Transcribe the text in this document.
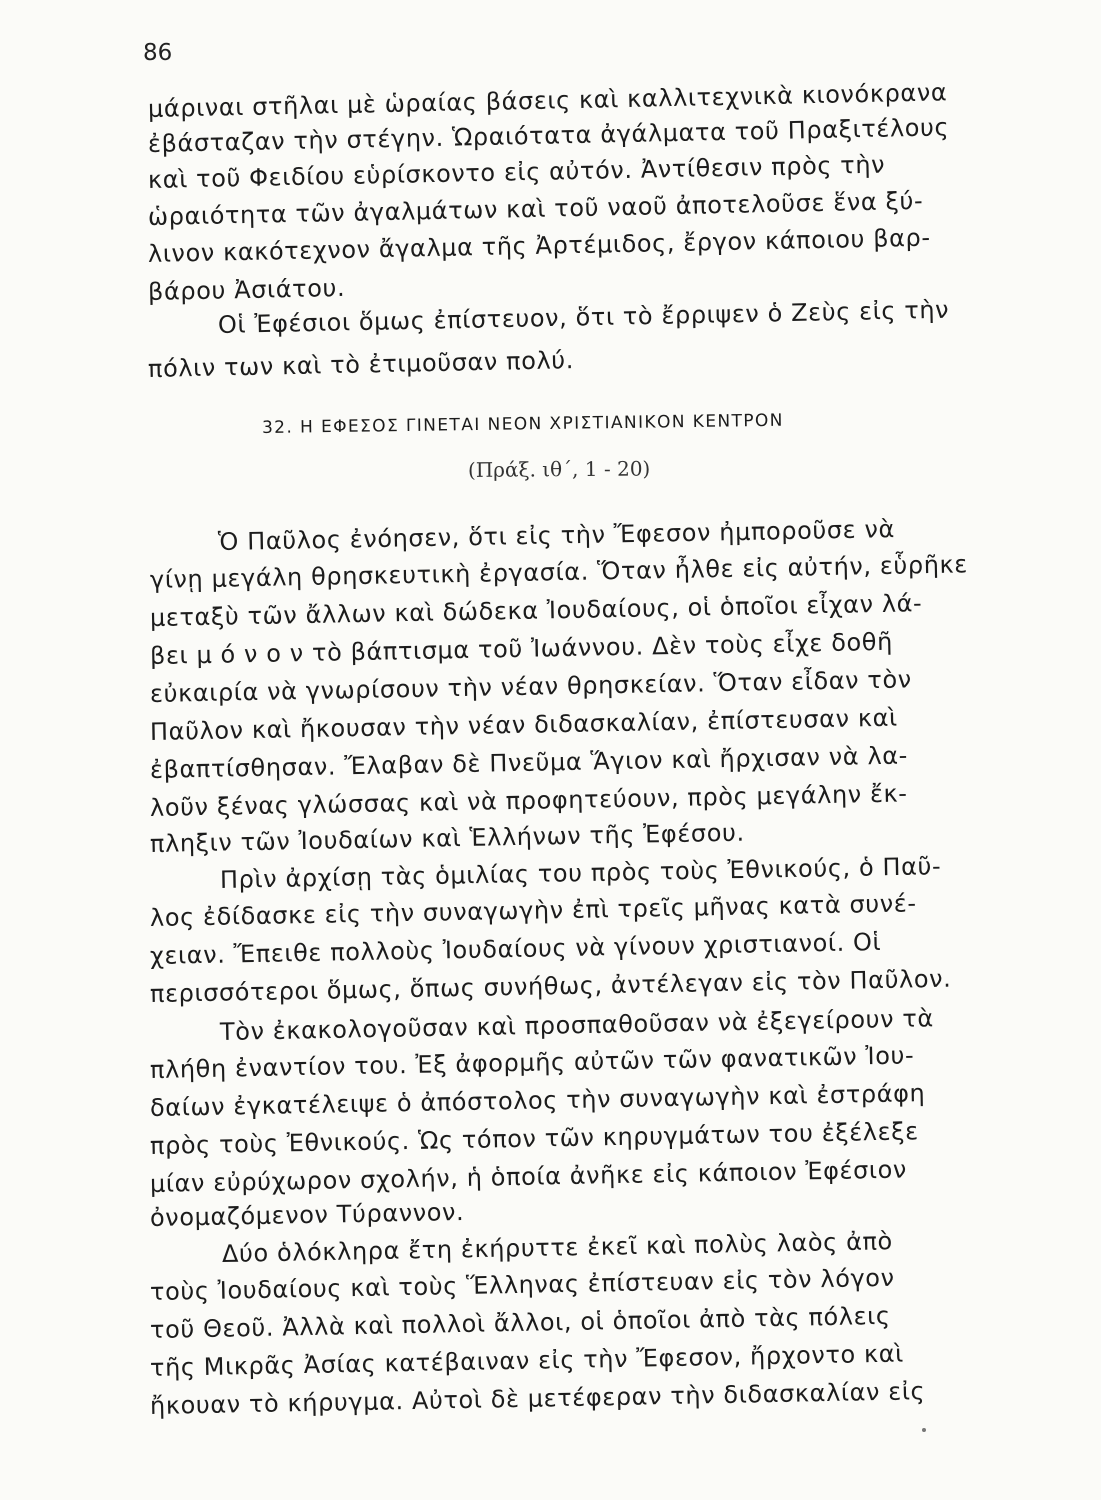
86
μάριναι στῆλαι μὲ ὡραίας βάσεις καὶ καλλιτεχνικὰ κιονόκρανα
ἐβάσταζαν τὴν στέγην. Ὡραιότατα ἀγάλματα τοῦ Πραξιτέλους
καὶ τοῦ Φειδίου εὑρίσκοντο εἰς αὐτόν. Ἀντίθεσιν πρὸς τὴν
ὡραιότητα τῶν ἀγαλμάτων καὶ τοῦ ναοῦ ἀποτελοῦσε ἕνα ξύ-
λινον κακότεχνον ἄγαλμα τῆς Ἀρτέμιδος, ἔργον κάποιου βαρ-
βάρου Ἀσιάτου.
Οἱ Ἐφέσιοι ὅμως ἐπίστευον, ὅτι τὸ ἔρριψεν ὁ Ζεὺς εἰς τὴν
πόλιν των καὶ τὸ ἐτιμοῦσαν πολύ.
32. Η ΕΦΕΣΟΣ ΓΙΝΕΤΑΙ ΝΕΟΝ ΧΡΙΣΤΙΑΝΙΚΟΝ ΚΕΝΤΡΟΝ
(Πράξ. ιθ΄, 1 - 20)
Ὁ Παῦλος ἐνόησεν, ὅτι εἰς τὴν Ἔφεσον ἠμποροῦσε νὰ
γίνῃ μεγάλη θρησκευτικὴ ἐργασία. Ὅταν ἦλθε εἰς αὐτήν, εὗρῆκε
μεταξὺ τῶν ἄλλων καὶ δώδεκα Ἰουδαίους, οἱ ὁποῖοι εἶχαν λά-
βει μ ό ν ο ν τὸ βάπτισμα τοῦ Ἰωάννου. Δὲν τοὺς εἶχε δοθῆ
εὐκαιρία νὰ γνωρίσουν τὴν νέαν θρησκείαν. Ὅταν εἶδαν τὸν
Παῦλον καὶ ἤκουσαν τὴν νέαν διδασκαλίαν, ἐπίστευσαν καὶ
ἐβαπτίσθησαν. Ἔλαβαν δὲ Πνεῦμα Ἅγιον καὶ ἤρχισαν νὰ λα-
λοῦν ξένας γλώσσας καὶ νὰ προφητεύουν, πρὸς μεγάλην ἔκ-
πληξιν τῶν Ἰουδαίων καὶ Ἑλλήνων τῆς Ἐφέσου.
Πρὶν ἀρχίσῃ τὰς ὁμιλίας του πρὸς τοὺς Ἐθνικούς, ὁ Παῦ-
λος ἐδίδασκε εἰς τὴν συναγωγὴν ἐπὶ τρεῖς μῆνας κατὰ συνέ-
χειαν. Ἔπειθε πολλοὺς Ἰουδαίους νὰ γίνουν χριστιανοί. Οἱ
περισσότεροι ὅμως, ὅπως συνήθως, ἀντέλεγαν εἰς τὸν Παῦλον.
Τὸν ἐκακολογοῦσαν καὶ προσπαθοῦσαν νὰ ἐξεγείρουν τὰ
πλήθη ἐναντίον του. Ἐξ ἀφορμῆς αὐτῶν τῶν φανατικῶν Ἰου-
δαίων ἐγκατέλειψε ὁ ἀπόστολος τὴν συναγωγὴν καὶ ἐστράφη
πρὸς τοὺς Ἐθνικούς. Ὡς τόπον τῶν κηρυγμάτων του ἐξέλεξε
μίαν εὐρύχωρον σχολήν, ἡ ὁποία ἀνῆκε εἰς κάποιον Ἐφέσιον
ὀνομαζόμενον Τύραννον.
Δύο ὁλόκληρα ἔτη ἐκήρυττε ἐκεῖ καὶ πολὺς λαὸς ἀπὸ
τοὺς Ἰουδαίους καὶ τοὺς Ἕλληνας ἐπίστευαν εἰς τὸν λόγον
τοῦ Θεοῦ. Ἀλλὰ καὶ πολλοὶ ἄλλοι, οἱ ὁποῖοι ἀπὸ τὰς πόλεις
τῆς Μικρᾶς Ἀσίας κατέβαιναν εἰς τὴν Ἔφεσον, ἤρχοντο καὶ
ἤκουαν τὸ κήρυγμα. Αὐτοὶ δὲ μετέφεραν τὴν διδασκαλίαν εἰς
